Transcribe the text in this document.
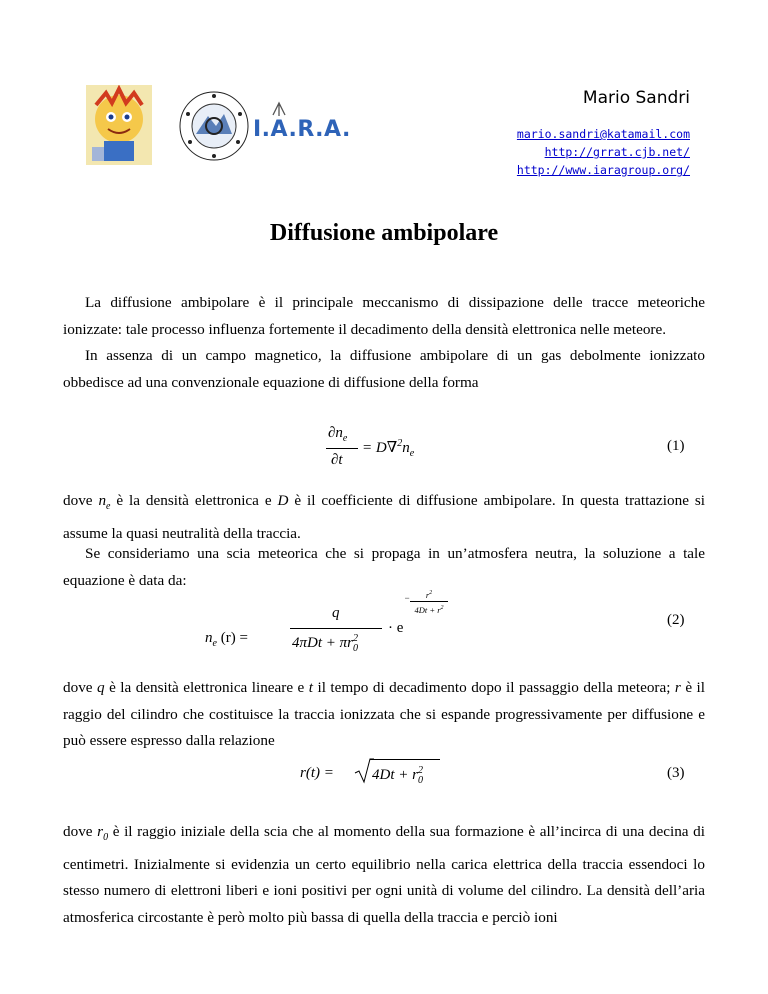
I.A.R.A.
Mario Sandri
mario.sandri@katamail.com
http://grrat.cjb.net/
http://www.iaragroup.org/
Diffusione ambipolare

La diffusione ambipolare è il principale meccanismo di dissipazione delle tracce meteoriche ionizzate: tale processo influenza fortemente il decadimento della densità elettronica nelle meteore.

In assenza di un campo magnetico, la diffusione ambipolare di un gas debolmente ionizzato obbedisce ad una convenzionale equazione di diffusione della forma

$\partial n_e$
∂t
= $D\nabla^2n_e$	(1)

dove $n_e$ è la densità elettronica e D è il coefficiente di diffusione ambipolare. In questa trattazione si assume la quasi neutralità della traccia.

Se consideriamo una scia meteorica che si propaga in un’atmosfera neutra, la soluzione a tale equazione è data da:

$n_e$ (r) =
q
$4\pi Dt + \pi r^2_0$
· e
−	$r^2$
$4Dt + r^2$
(2)

dove q è la densità elettronica lineare e t il tempo di decadimento dopo il passaggio della meteora; r è il raggio del cilindro che costituisce la traccia ionizzata che si espande progressivamente per diffusione e può essere espresso dalla relazione

r(t) =	$4Dt + r^2_0$	(3)

dove $r_0$ è il raggio iniziale della scia che al momento della sua formazione è all’incirca di una decina di centimetri. Inizialmente si evidenzia un certo equilibrio nella carica elettrica della traccia essendoci lo stesso numero di elettroni liberi e ioni positivi per ogni unità di volume del cilindro. La densità dell’aria atmosferica circostante è però molto più bassa di quella della traccia e perciò ioni
